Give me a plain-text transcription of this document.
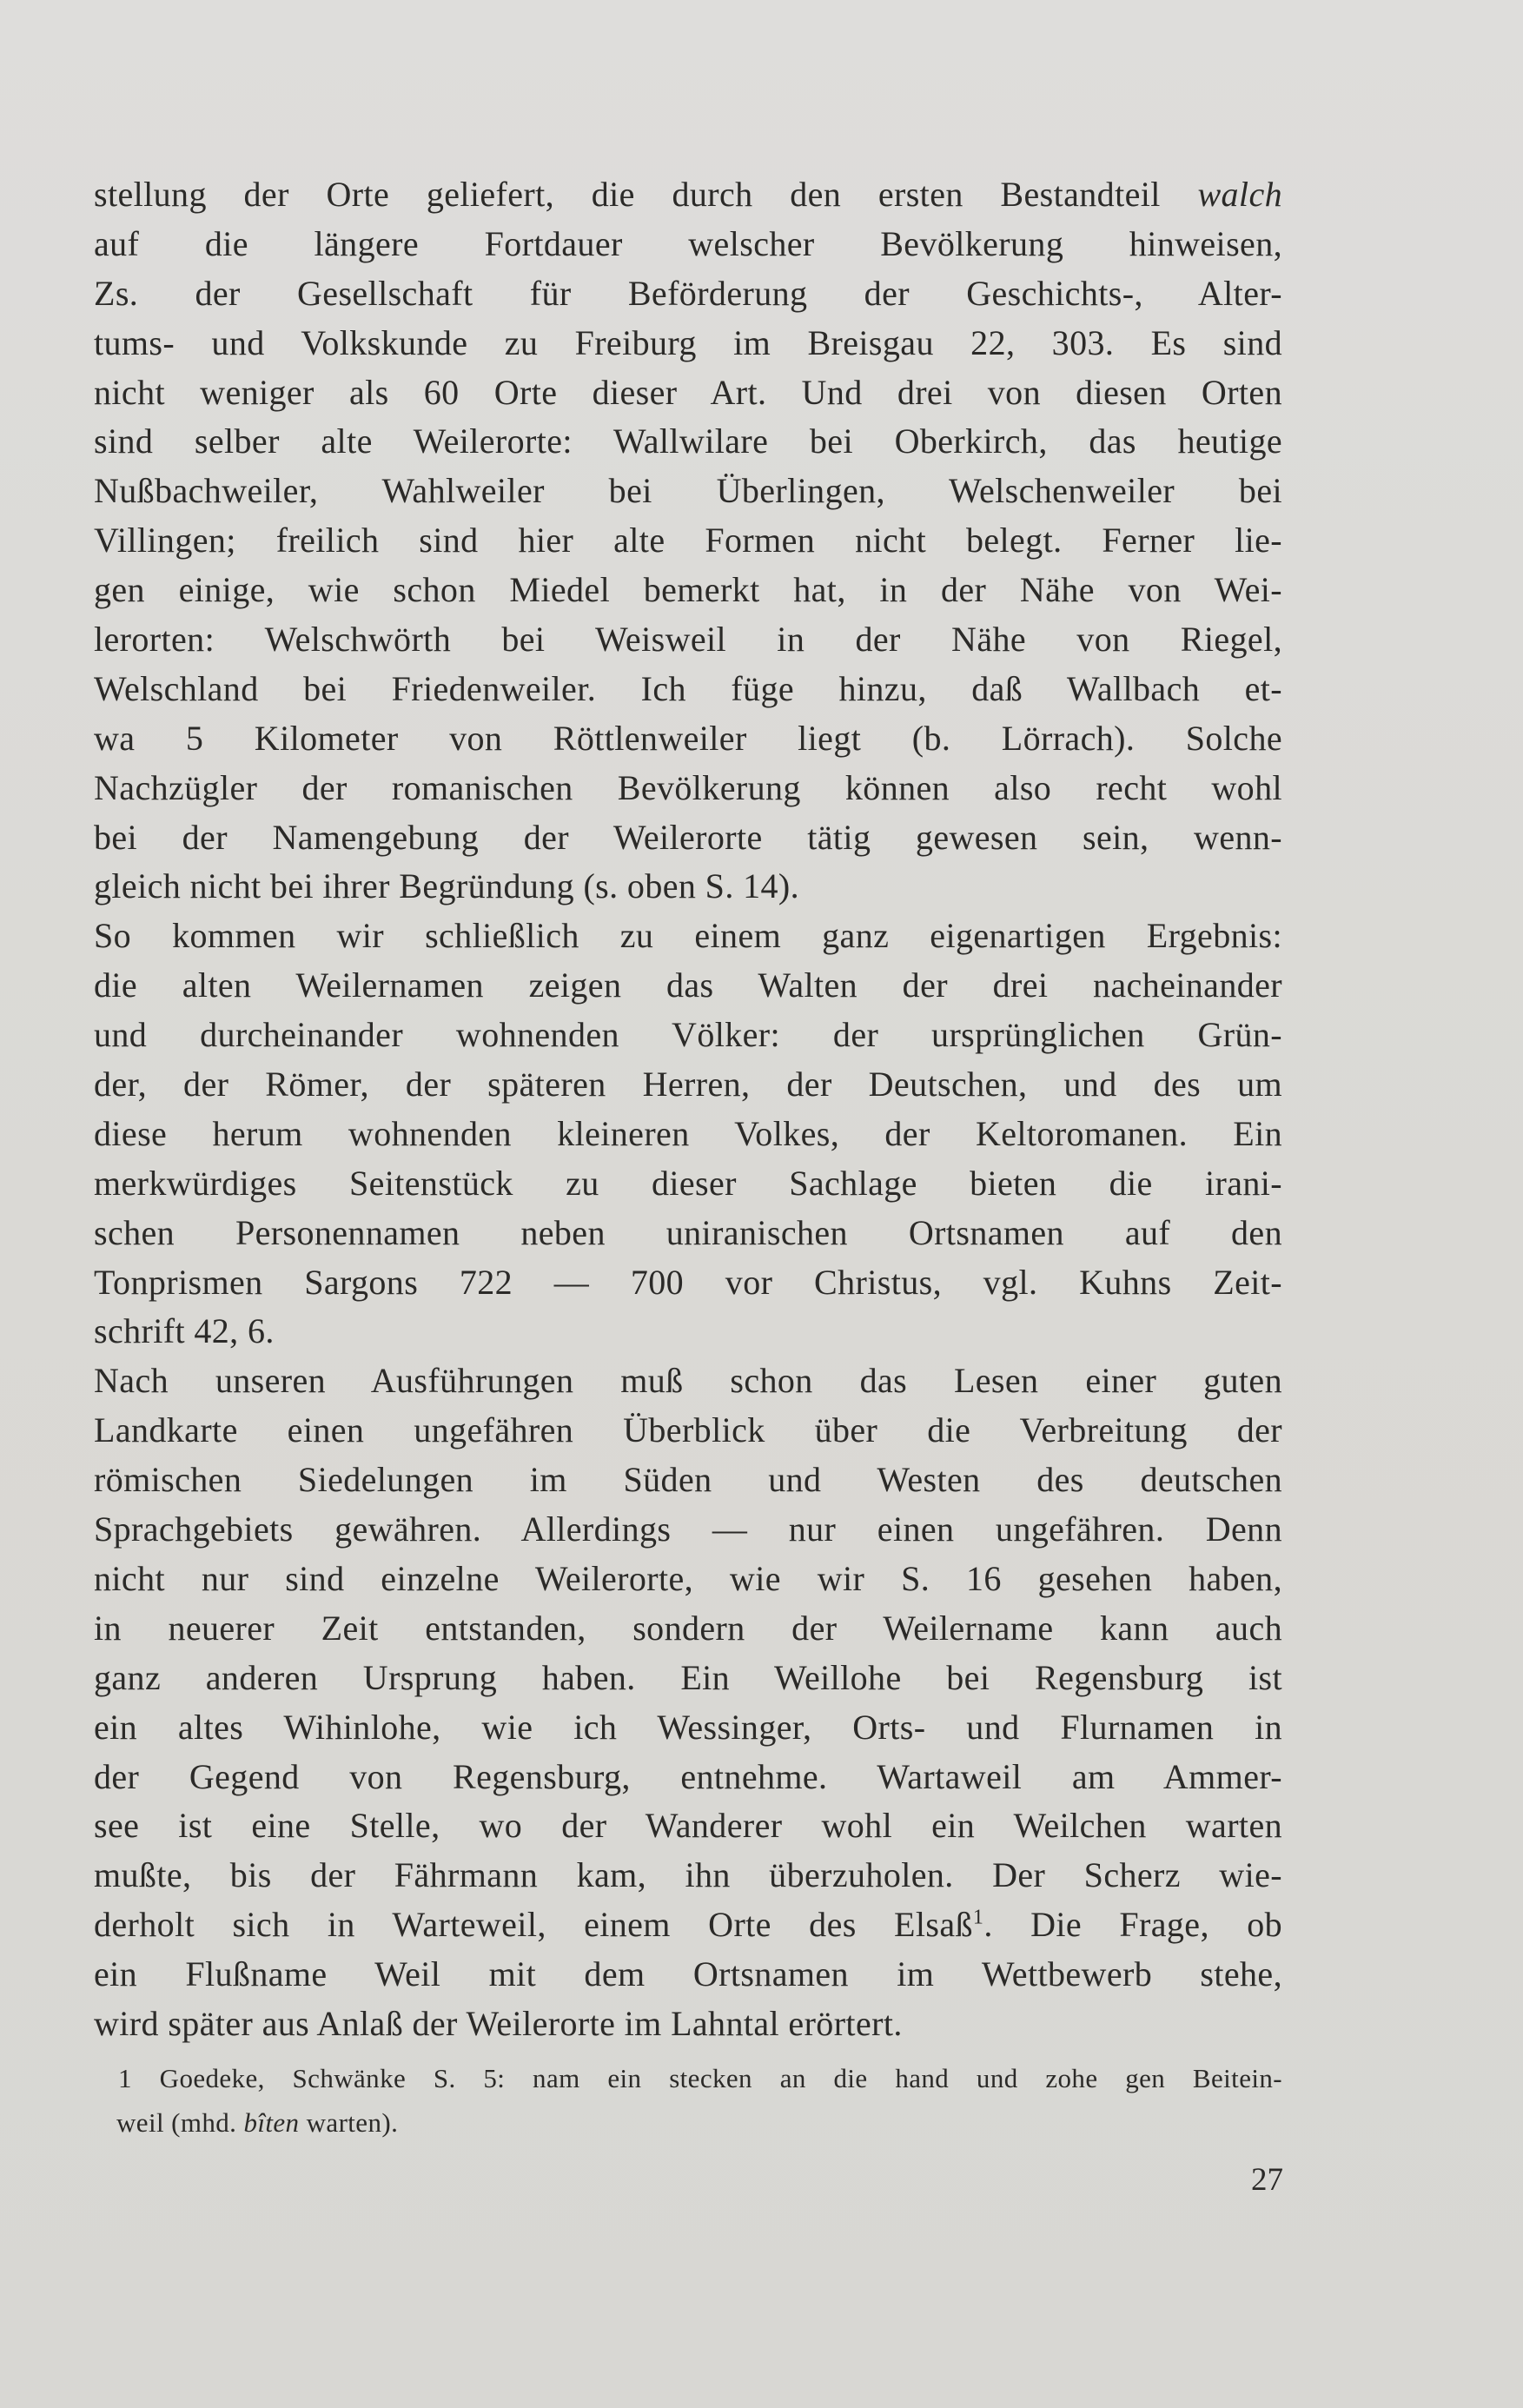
stellung der Orte geliefert, die durch den ersten Bestandteil walch
auf die längere Fortdauer welscher Bevölkerung hinweisen,
Zs. der Gesellschaft für Beförderung der Geschichts-, Alter-
tums- und Volkskunde zu Freiburg im Breisgau 22, 303. Es sind
nicht weniger als 60 Orte dieser Art. Und drei von diesen Orten
sind selber alte Weilerorte: Wallwilare bei Oberkirch, das heutige
Nußbachweiler, Wahlweiler bei Überlingen, Welschenweiler bei
Villingen; freilich sind hier alte Formen nicht belegt. Ferner lie-
gen einige, wie schon Miedel bemerkt hat, in der Nähe von Wei-
lerorten: Welschwörth bei Weisweil in der Nähe von Riegel,
Welschland bei Friedenweiler. Ich füge hinzu, daß Wallbach et-
wa 5 Kilometer von Röttlenweiler liegt (b. Lörrach). Solche
Nachzügler der romanischen Bevölkerung können also recht wohl
bei der Namengebung der Weilerorte tätig gewesen sein, wenn-
gleich nicht bei ihrer Begründung (s. oben S. 14).
So kommen wir schließlich zu einem ganz eigenartigen Ergebnis:
die alten Weilernamen zeigen das Walten der drei nacheinander
und durcheinander wohnenden Völker: der ursprünglichen Grün-
der, der Römer, der späteren Herren, der Deutschen, und des um
diese herum wohnenden kleineren Volkes, der Keltoromanen. Ein
merkwürdiges Seitenstück zu dieser Sachlage bieten die irani-
schen Personennamen neben uniranischen Ortsnamen auf den
Tonprismen Sargons 722 — 700 vor Christus, vgl. Kuhns Zeit-
schrift 42, 6.
Nach unseren Ausführungen muß schon das Lesen einer guten
Landkarte einen ungefähren Überblick über die Verbreitung der
römischen Siedelungen im Süden und Westen des deutschen
Sprachgebiets gewähren. Allerdings — nur einen ungefähren. Denn
nicht nur sind einzelne Weilerorte, wie wir S. 16 gesehen haben,
in neuerer Zeit entstanden, sondern der Weilername kann auch
ganz anderen Ursprung haben. Ein Weillohe bei Regensburg ist
ein altes Wihinlohe, wie ich Wessinger, Orts- und Flurnamen in
der Gegend von Regensburg, entnehme. Wartaweil am Ammer-
see ist eine Stelle, wo der Wanderer wohl ein Weilchen warten
mußte, bis der Fährmann kam, ihn überzuholen. Der Scherz wie-
derholt sich in Warteweil, einem Orte des Elsaß$^1$. Die Frage, ob
ein Flußname Weil mit dem Ortsnamen im Wettbewerb stehe,
wird später aus Anlaß der Weilerorte im Lahntal erörtert.
1 Goedeke, Schwänke S. 5: nam ein stecken an die hand und zohe gen Beitein-
weil (mhd. bîten warten).
27
